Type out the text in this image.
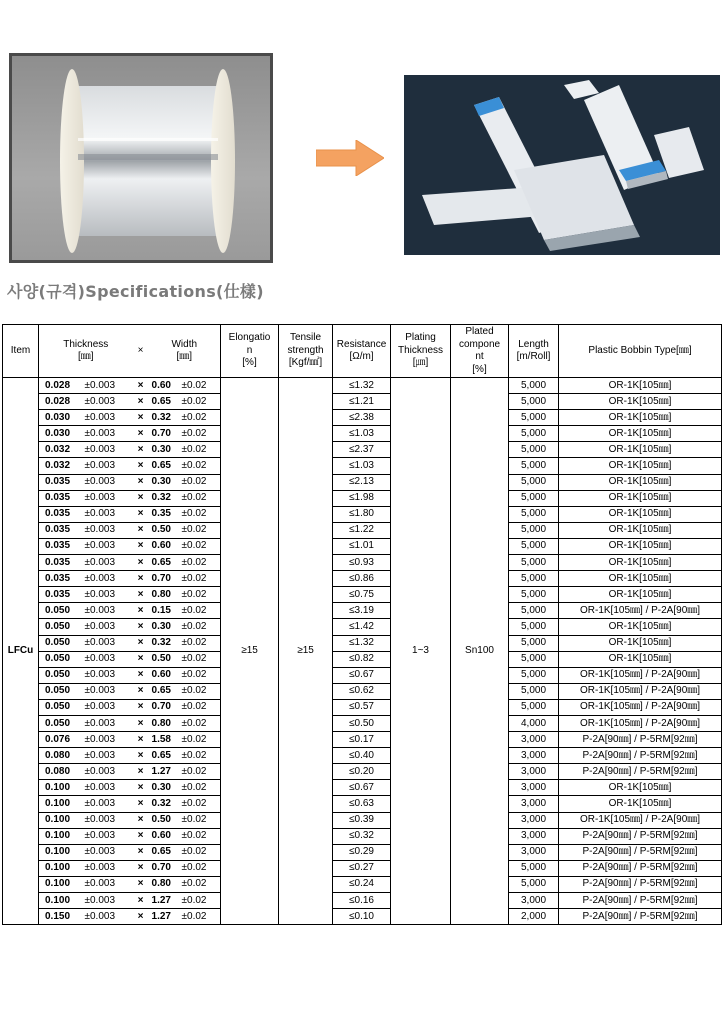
사양(규격)Specifications(仕樣)
Item	Thickness
[㎜]		×	Width
[㎜]		Elongatio
n
[%]	Tensile
strength
[Kgf/㎟]	Resistance
[Ω/m]	Plating
Thickness
[㎛]	Plated
compone
nt
[%]	Length
[m/Roll]	Plastic Bobbin Type[㎜]
LFCu	0.028	±0.003	×	0.60	±0.02	≥15	≥15	≤1.32	1~3	Sn100	5,000	OR-1K[105㎜]
	0.028	±0.003	×	0.65	±0.02			≤1.21			5,000	OR-1K[105㎜]
	0.030	±0.003	×	0.32	±0.02			≤2.38			5,000	OR-1K[105㎜]
	0.030	±0.003	×	0.70	±0.02			≤1.03			5,000	OR-1K[105㎜]
	0.032	±0.003	×	0.30	±0.02			≤2.37			5,000	OR-1K[105㎜]
	0.032	±0.003	×	0.65	±0.02			≤1.03			5,000	OR-1K[105㎜]
	0.035	±0.003	×	0.30	±0.02			≤2.13			5,000	OR-1K[105㎜]
	0.035	±0.003	×	0.32	±0.02			≤1.98			5,000	OR-1K[105㎜]
	0.035	±0.003	×	0.35	±0.02			≤1.80			5,000	OR-1K[105㎜]
	0.035	±0.003	×	0.50	±0.02			≤1.22			5,000	OR-1K[105㎜]
	0.035	±0.003	×	0.60	±0.02			≤1.01			5,000	OR-1K[105㎜]
	0.035	±0.003	×	0.65	±0.02			≤0.93			5,000	OR-1K[105㎜]
	0.035	±0.003	×	0.70	±0.02			≤0.86			5,000	OR-1K[105㎜]
	0.035	±0.003	×	0.80	±0.02			≤0.75			5,000	OR-1K[105㎜]
	0.050	±0.003	×	0.15	±0.02			≤3.19			5,000	OR-1K[105㎜] / P-2A[90㎜]
	0.050	±0.003	×	0.30	±0.02			≤1.42			5,000	OR-1K[105㎜]
	0.050	±0.003	×	0.32	±0.02			≤1.32			5,000	OR-1K[105㎜]
	0.050	±0.003	×	0.50	±0.02			≤0.82			5,000	OR-1K[105㎜]
	0.050	±0.003	×	0.60	±0.02			≤0.67			5,000	OR-1K[105㎜] / P-2A[90㎜]
	0.050	±0.003	×	0.65	±0.02			≤0.62			5,000	OR-1K[105㎜] / P-2A[90㎜]
	0.050	±0.003	×	0.70	±0.02			≤0.57			5,000	OR-1K[105㎜] / P-2A[90㎜]
	0.050	±0.003	×	0.80	±0.02			≤0.50			4,000	OR-1K[105㎜] / P-2A[90㎜]
	0.076	±0.003	×	1.58	±0.02			≤0.17			3,000	P-2A[90㎜] / P-5RM[92㎜]
	0.080	±0.003	×	0.65	±0.02			≤0.40			3,000	P-2A[90㎜] / P-5RM[92㎜]
	0.080	±0.003	×	1.27	±0.02			≤0.20			3,000	P-2A[90㎜] / P-5RM[92㎜]
	0.100	±0.003	×	0.30	±0.02			≤0.67			3,000	OR-1K[105㎜]
	0.100	±0.003	×	0.32	±0.02			≤0.63			3,000	OR-1K[105㎜]
	0.100	±0.003	×	0.50	±0.02			≤0.39			3,000	OR-1K[105㎜] / P-2A[90㎜]
	0.100	±0.003	×	0.60	±0.02			≤0.32			3,000	P-2A[90㎜] / P-5RM[92㎜]
	0.100	±0.003	×	0.65	±0.02			≤0.29			3,000	P-2A[90㎜] / P-5RM[92㎜]
	0.100	±0.003	×	0.70	±0.02			≤0.27			5,000	P-2A[90㎜] / P-5RM[92㎜]
	0.100	±0.003	×	0.80	±0.02			≤0.24			5,000	P-2A[90㎜] / P-5RM[92㎜]
	0.100	±0.003	×	1.27	±0.02			≤0.16			3,000	P-2A[90㎜] / P-5RM[92㎜]
	0.150	±0.003	×	1.27	±0.02			≤0.10			2,000	P-2A[90㎜] / P-5RM[92㎜]
